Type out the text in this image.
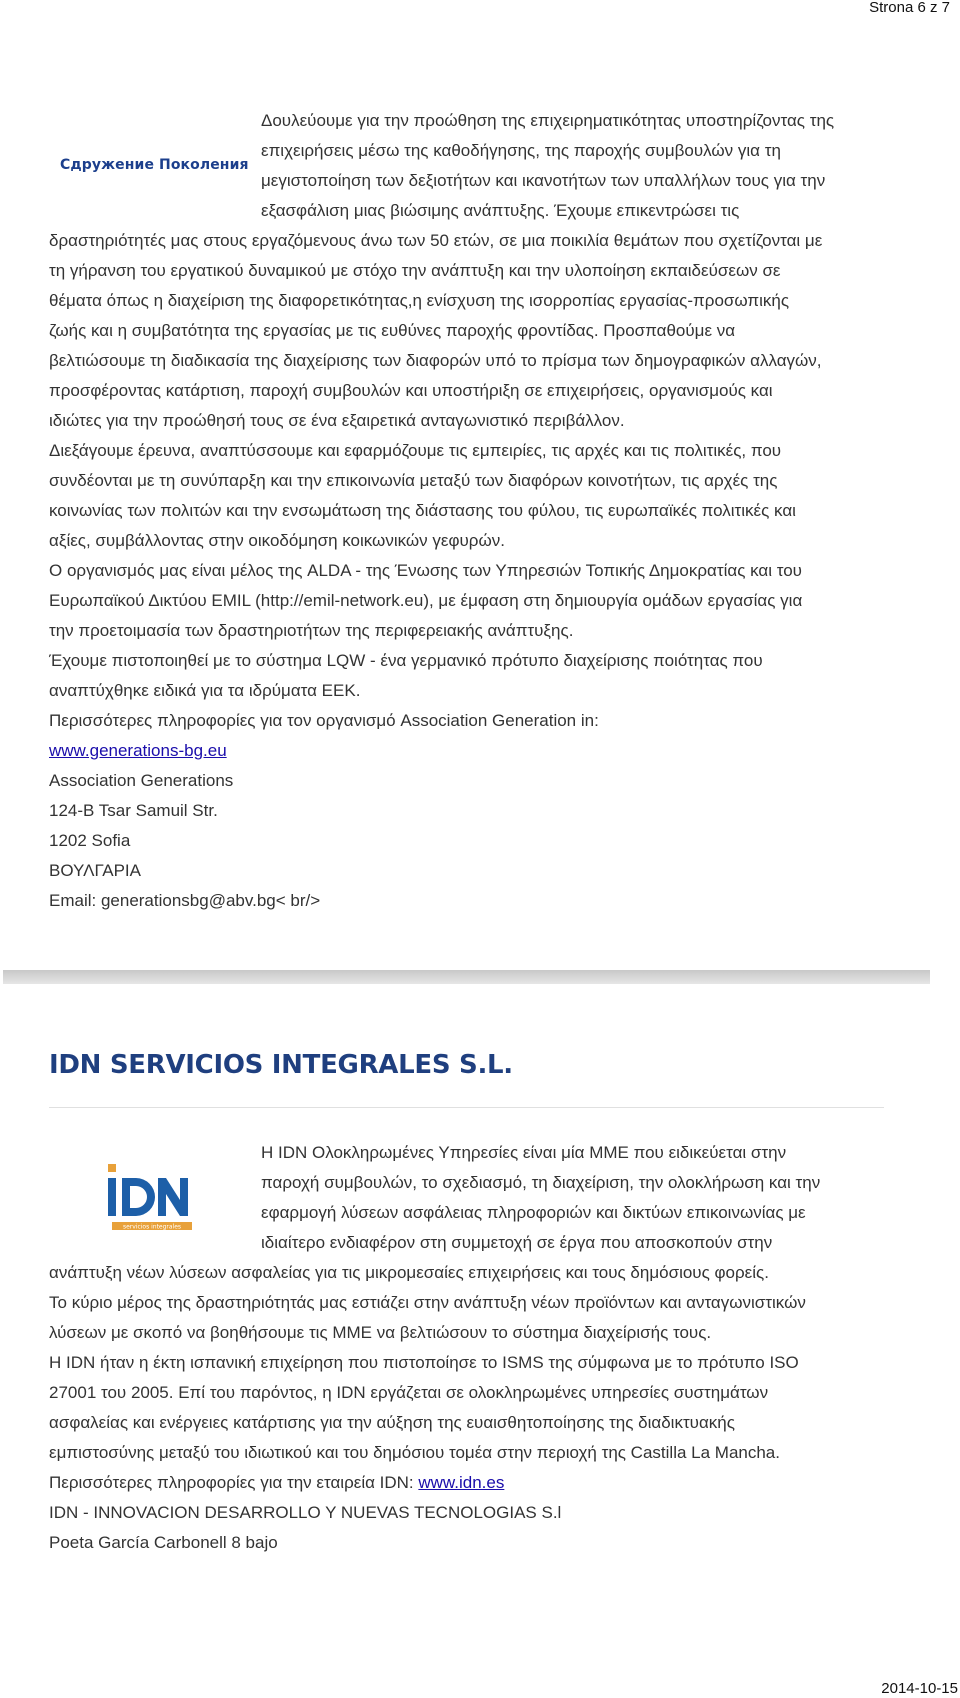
Strona 6 z 7
Сдружение Поколения
Δουλεύουμε για την προώθηση της επιχειρηματικότητας υποστηρίζοντας της
επιχειρήσεις μέσω της καθοδήγησης, της παροχής συμβουλών για τη
μεγιστοποίηση των δεξιοτήτων και ικανοτήτων των υπαλλήλων τους για την
εξασφάλιση μιας βιώσιμης ανάπτυξης. Έχουμε επικεντρώσει τις
δραστηριότητές μας στους εργαζόμενους άνω των 50 ετών, σε μια ποικιλία θεμάτων που σχετίζονται με
τη γήρανση του εργατικού δυναμικού με στόχο την ανάπτυξη και την υλοποίηση εκπαιδεύσεων σε
θέματα όπως η διαχείριση της διαφορετικότητας,η ενίσχυση της ισορροπίας εργασίας-προσωπικής
ζωής και η συμβατότητα της εργασίας με τις ευθύνες παροχής φροντίδας. Προσπαθούμε να
βελτιώσουμε τη διαδικασία της διαχείρισης των διαφορών υπό το πρίσμα των δημογραφικών αλλαγών,
προσφέροντας κατάρτιση, παροχή συμβουλών και υποστήριξη σε επιχειρήσεις, οργανισμούς και
ιδιώτες για την προώθησή τους σε ένα εξαιρετικά ανταγωνιστικό περιβάλλον.
Διεξάγουμε έρευνα, αναπτύσσουμε και εφαρμόζουμε τις εμπειρίες, τις αρχές και τις πολιτικές, που
συνδέονται με τη συνύπαρξη και την επικοινωνία μεταξύ των διαφόρων κοινοτήτων, τις αρχές της
κοινωνίας των πολιτών και την ενσωμάτωση της διάστασης του φύλου, τις ευρωπαϊκές πολιτικές και
αξίες, συμβάλλοντας στην οικοδόμηση κοικωνικών γεφυρών.
Ο οργανισμός μας είναι μέλος της ALDA - της Ένωσης των Υπηρεσιών Τοπικής Δημοκρατίας και του
Ευρωπαϊκού Δικτύου EMIL (http://emil-network.eu), με έμφαση στη δημιουργία ομάδων εργασίας για
την προετοιμασία των δραστηριοτήτων της περιφερειακής ανάπτυξης.
Έχουμε πιστοποιηθεί με το σύστημα LQW - ένα γερμανικό πρότυπο διαχείρισης ποιότητας που
αναπτύχθηκε ειδικά για τα ιδρύματα ΕΕΚ.
Περισσότερες πληροφορίες για τον οργανισμό Association Generation in:
www.generations-bg.eu
Association Generations
124-B Tsar Samuil Str.
1202 Sofia
ΒΟΥΛΓΑΡΙΑ
Email: generationsbg@abv.bg< br/>
IDN SERVICIOS INTEGRALES S.L.
servicios integrales
Η IDN Ολοκληρωμένες Υπηρεσίες είναι μία ΜΜΕ που ειδικεύεται στην
παροχή συμβουλών, το σχεδιασμό, τη διαχείριση, την ολοκλήρωση και την
εφαρμογή λύσεων ασφάλειας πληροφοριών και δικτύων επικοινωνίας με
ιδιαίτερο ενδιαφέρον στη συμμετοχή σε έργα που αποσκοπούν στην
ανάπτυξη νέων λύσεων ασφαλείας για τις μικρομεσαίες επιχειρήσεις και τους δημόσιους φορείς.
Το κύριο μέρος της δραστηριότητάς μας εστιάζει στην ανάπτυξη νέων προϊόντων και ανταγωνιστικών
λύσεων με σκοπό να βοηθήσουμε τις ΜΜΕ να βελτιώσουν το σύστημα διαχείρισής τους.
Η IDN ήταν η έκτη ισπανική επιχείρηση που πιστοποίησε το ISMS της σύμφωνα με το πρότυπο ISO
27001 του 2005. Επί του παρόντος, η IDN εργάζεται σε ολοκληρωμένες υπηρεσίες συστημάτων
ασφαλείας και ενέργειες κατάρτισης για την αύξηση της ευαισθητοποίησης της διαδικτυακής
εμπιστοσύνης μεταξύ του ιδιωτικού και του δημόσιου τομέα στην περιοχή της Castilla La Mancha.
Περισσότερες πληροφορίες για την εταιρεία IDN: www.idn.es
IDN - INNOVACION DESARROLLO Y NUEVAS TECNOLOGIAS S.l
Poeta García Carbonell 8 bajo
2014-10-15
